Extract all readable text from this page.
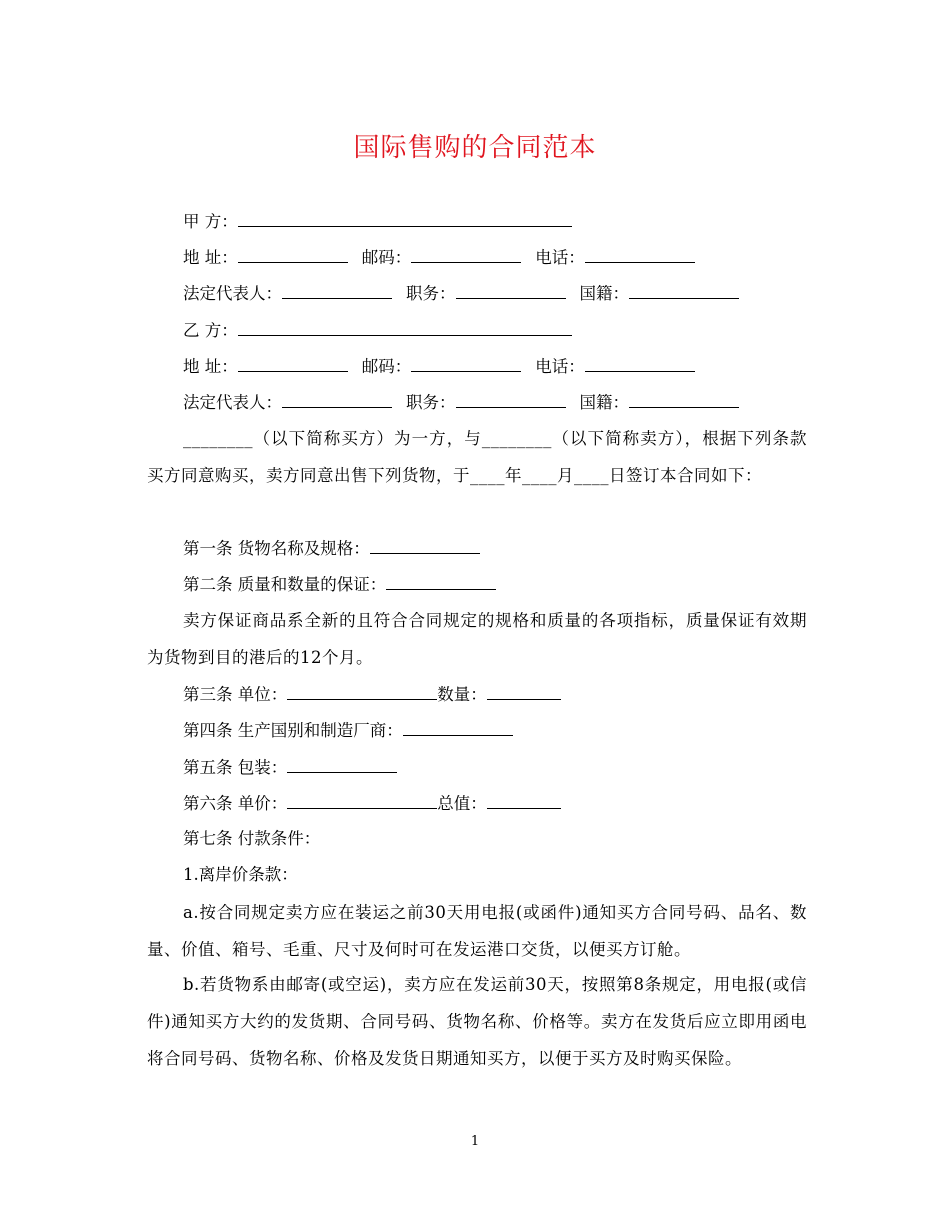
国际售购的合同范本
甲 方：
地 址：	邮码：	电话：
法定代表人：	职务：	国籍：
乙 方：
地 址：	邮码：	电话：
法定代表人：	职务：	国籍：
________（以下简称买方）为一方，与________（以下简称卖方），根据下列条款买方同意购买，卖方同意出售下列货物，于____年____月____日签订本合同如下：
第一条 货物名称及规格：
第二条 质量和数量的保证：
卖方保证商品系全新的且符合合同规定的规格和质量的各项指标，质量保证有效期为货物到目的港后的12个月。
第三条 单位：	数量：
第四条 生产国别和制造厂商：
第五条 包装：
第六条 单价：	总值：
第七条 付款条件：
1.离岸价条款：
a.按合同规定卖方应在装运之前30天用电报(或函件)通知买方合同号码、品名、数量、价值、箱号、毛重、尺寸及何时可在发运港口交货，以便买方订舱。
b.若货物系由邮寄(或空运)，卖方应在发运前30天，按照第8条规定，用电报(或信件)通知买方大约的发货期、合同号码、货物名称、价格等。卖方在发货后应立即用函电将合同号码、货物名称、价格及发货日期通知买方，以便于买方及时购买保险。
1
